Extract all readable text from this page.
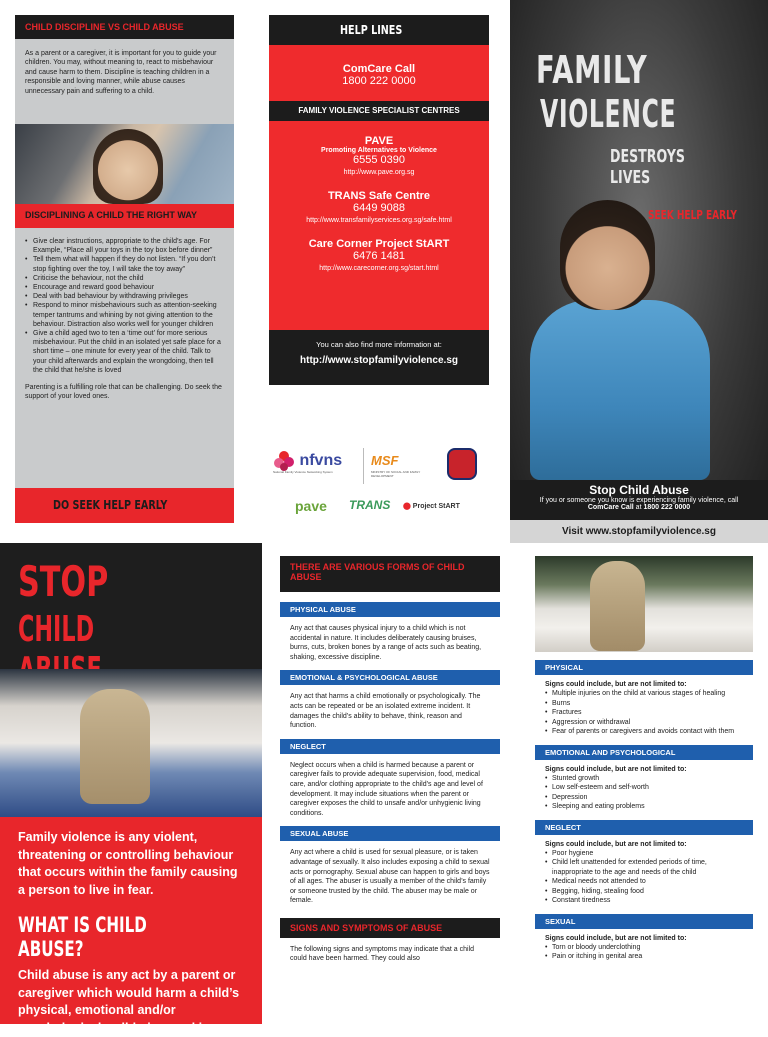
CHILD DISCIPLINE VS CHILD ABUSE
As a parent or a caregiver, it is important for you to guide your children. You may, without meaning to, react to misbehaviour and cause harm to them. Discipline is teaching children in a responsible and loving manner, while abuse causes unnecessary pain and suffering to a child.
DISCIPLINING A CHILD THE RIGHT WAY
• Give clear instructions, appropriate to the child’s age. For Example, “Place all your toys in the toy box before dinner”
• Tell them what will happen if they do not listen. “If you don’t stop fighting over the toy, I will take the toy away”
• Criticise the behaviour, not the child
• Encourage and reward good behaviour
• Deal with bad behaviour by withdrawing privileges
• Respond to minor misbehaviours such as attention-seeking temper tantrums and whining by not giving attention to the behaviour. Distraction also works well for younger children
• Give a child aged two to ten a ‘time out’ for more serious misbehaviour. Put the child in an isolated yet safe place for a short time – one minute for every year of the child. Talk to your child afterwards and explain the wrongdoing, then tell the child that he/she is loved
Parenting is a fulfilling role that can be challenging. Do seek the support of your loved ones.
DO SEEK HELP EARLY
HELP LINES
ComCare Call
1800 222 0000
FAMILY VIOLENCE SPECIALIST CENTRES
PAVE
Promoting Alternatives to Violence
6555 0390
http://www.pave.org.sg
TRANS Safe Centre
6449 9088
http://www.transfamilyservices.org.sg/safe.html
Care Corner Project StART
6476 1481
http://www.carecorner.org.sg/start.html
You can also find more information at:
http://www.stopfamilyviolence.sg
nfvns
National Family Violence Networking System
MSF
MINISTRY OF SOCIAL AND FAMILY DEVELOPMENT
pave TRANS ⬤ Project StART
FAMILY
VIOLENCE
DESTROYS LIVES
SEEK HELP EARLY
Stop Child Abuse
If you or someone you know is experiencing family violence, call
ComCare Call at 1800 222 0000
Visit www.stopfamilyviolence.sg
STOP
CHILD
Family violence is any violent, threatening or controlling behaviour that occurs within the family causing a person to live in fear.
WHAT IS CHILD ABUSE?
Child abuse is any act by a parent or caregiver which would harm a child’s physical, emotional and/or psychological well-being, and is
THERE ARE VARIOUS FORMS OF CHILD ABUSE
PHYSICAL ABUSE
Any act that causes physical injury to a child which is not accidental in nature. It includes deliberately causing bruises, burns, cuts, broken bones by a range of acts such as beating, shaking, excessive discipline.
EMOTIONAL & PSYCHOLOGICAL ABUSE
Any act that harms a child emotionally or psychologically. The acts can be repeated or be an isolated extreme incident. It damages the child’s ability to behave, think, reason and function.
NEGLECT
Neglect occurs when a child is harmed because a parent or caregiver fails to provide adequate supervision, food, medical care, and/or clothing appropriate to the child’s age and level of development. It may include situations when the parent or caregiver exposes the child to unsafe and/or unhygienic living conditions.
SEXUAL ABUSE
Any act where a child is used for sexual pleasure, or is taken advantage of sexually. It also includes exposing a child to sexual acts or pornography. Sexual abuse can happen to girls and boys of all ages. The abuser is usually a member of the child’s family or someone trusted by the child. The abuser may be male or female.
SIGNS AND SYMPTOMS OF ABUSE
The following signs and symptoms may indicate that a child could have been harmed. They could also
PHYSICAL
Signs could include, but are not limited to:
• Multiple injuries on the child at various stages of healing
• Burns
• Fractures
• Aggression or withdrawal
• Fear of parents or caregivers and avoids contact with them
EMOTIONAL AND PSYCHOLOGICAL
Signs could include, but are not limited to:
• Stunted growth
• Low self-esteem and self-worth
• Depression
• Sleeping and eating problems
NEGLECT
Signs could include, but are not limited to:
• Poor hygiene
• Child left unattended for extended periods of time, inappropriate to the age and needs of the child
• Medical needs not attended to
• Begging, hiding, stealing food
• Constant tiredness
SEXUAL
Signs could include, but are not limited to:
• Torn or bloody underclothing
• Pain or itching in genital area
